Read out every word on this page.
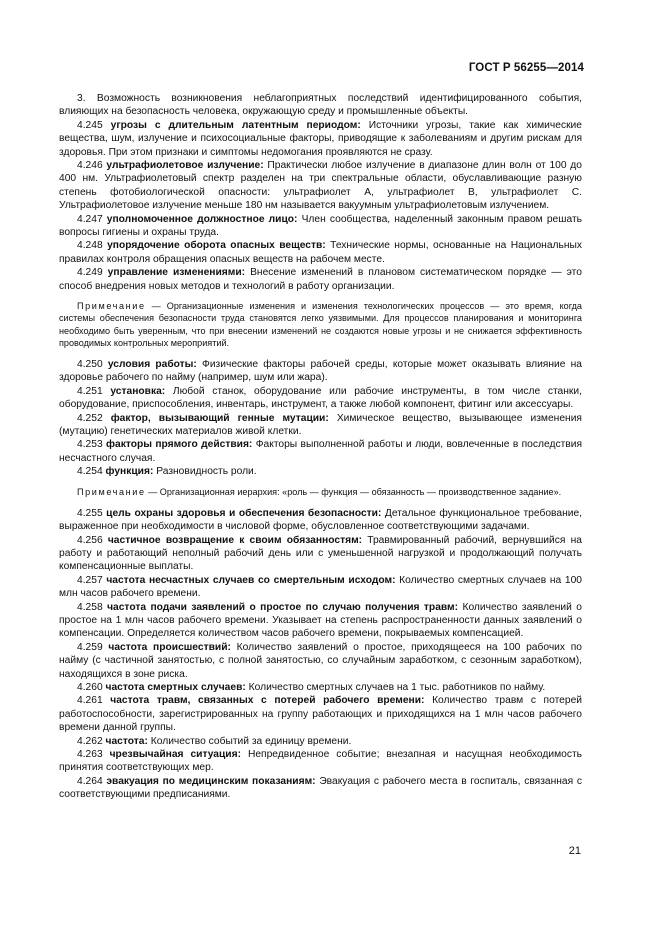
ГОСТ Р 56255—2014

3. Возможность возникновения неблагоприятных последствий идентифицированного события, влияющих на безопасность человека, окружающую среду и промышленные объекты.

4.245 угрозы с длительным латентным периодом: Источники угрозы, такие как химические вещества, шум, излучение и психосоциальные факторы, приводящие к заболеваниям и другим рискам для здоровья. При этом признаки и симптомы недомогания проявляются не сразу.

4.246 ультрафиолетовое излучение: Практически любое излучение в диапазоне длин волн от 100 до 400 нм. Ультрафиолетовый спектр разделен на три спектральные области, обуславливающие разную степень фотобиологической опасности: ультрафиолет А, ультрафиолет В, ультрафиолет C. Ультрафиолетовое излучение меньше 180 нм называется вакуумным ультрафиолетовым излучением.

4.247 уполномоченное должностное лицо: Член сообщества, наделенный законным правом решать вопросы гигиены и охраны труда.

4.248 упорядочение оборота опасных веществ: Технические нормы, основанные на Национальных правилах контроля обращения опасных веществ на рабочем месте.

4.249 управление изменениями: Внесение изменений в плановом систематическом порядке — это способ внедрения новых методов и технологий в работу организации.

Примечание — Организационные изменения и изменения технологических процессов — это время, когда системы обеспечения безопасности труда становятся легко уязвимыми. Для процессов планирования и мониторинга необходимо быть уверенным, что при внесении изменений не создаются новые угрозы и не снижается эффективность проводимых контрольных мероприятий.

4.250 условия работы: Физические факторы рабочей среды, которые может оказывать влияние на здоровье рабочего по найму (например, шум или жара).

4.251 установка: Любой станок, оборудование или рабочие инструменты, в том числе станки, оборудование, приспособления, инвентарь, инструмент, а также любой компонент, фитинг или аксессуары.

4.252 фактор, вызывающий генные мутации: Химическое вещество, вызывающее изменения (мутацию) генетических материалов живой клетки.

4.253 факторы прямого действия: Факторы выполненной работы и люди, вовлеченные в последствия несчастного случая.

4.254 функция: Разновидность роли.

Примечание — Организационная иерархия: «роль — функция — обязанность — производственное задание».

4.255 цель охраны здоровья и обеспечения безопасности: Детальное функциональное требование, выраженное при необходимости в числовой форме, обусловленное соответствующими задачами.

4.256 частичное возвращение к своим обязанностям: Травмированный рабочий, вернувшийся на работу и работающий неполный рабочий день или с уменьшенной нагрузкой и продолжающий получать компенсационные выплаты.

4.257 частота несчастных случаев со смертельным исходом: Количество смертных случаев на 100 млн часов рабочего времени.

4.258 частота подачи заявлений о простое по случаю получения травм: Количество заявлений о простое на 1 млн часов рабочего времени. Указывает на степень распространенности данных заявлений о компенсации. Определяется количеством часов рабочего времени, покрываемых компенсацией.

4.259 частота происшествий: Количество заявлений о простое, приходящееся на 100 рабочих по найму (с частичной занятостью, с полной занятостью, со случайным заработком, с сезонным заработком), находящихся в зоне риска.

4.260 частота смертных случаев: Количество смертных случаев на 1 тыс. работников по найму.

4.261 частота травм, связанных с потерей рабочего времени: Количество травм с потерей работоспособности, зарегистрированных на группу работающих и приходящихся на 1 млн часов рабочего времени данной группы.

4.262 частота: Количество событий за единицу времени.

4.263 чрезвычайная ситуация: Непредвиденное событие; внезапная и насущная необходимость принятия соответствующих мер.

4.264 эвакуация по медицинским показаниям: Эвакуация с рабочего места в госпиталь, связанная с соответствующими предписаниями.

21
